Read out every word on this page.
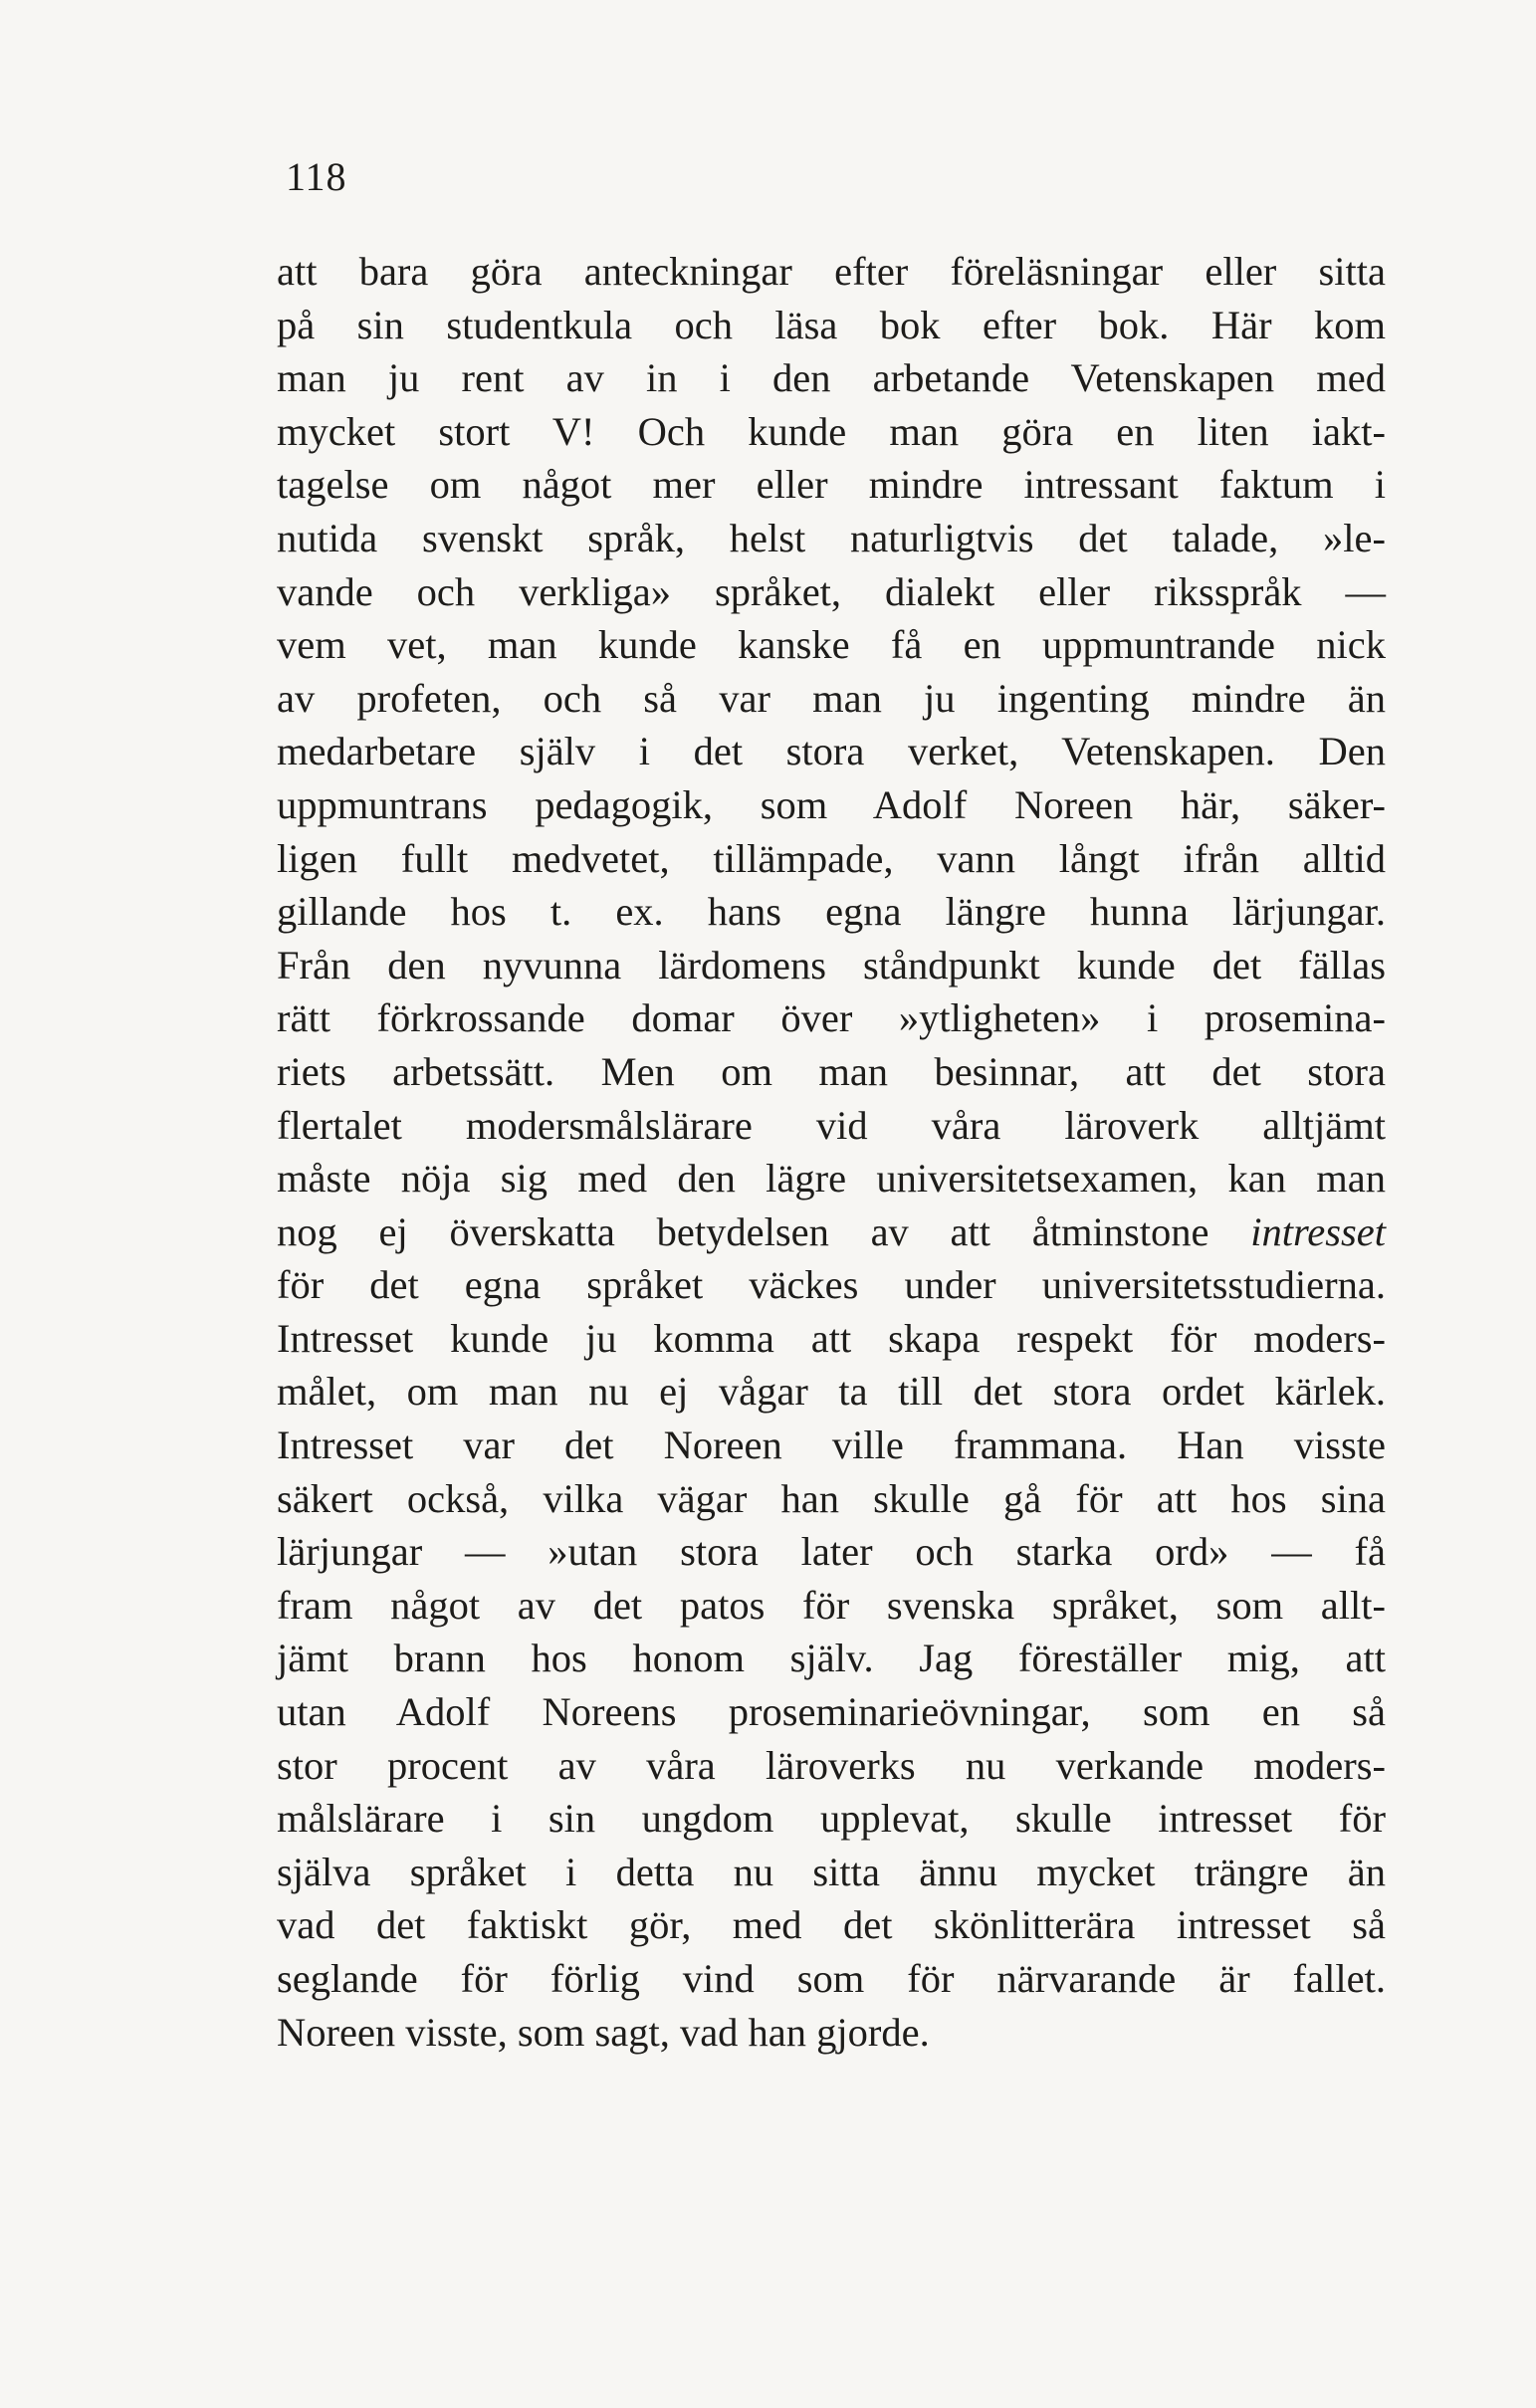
118
att bara göra anteckningar efter föreläsningar eller sitta
på sin studentkula och läsa bok efter bok. Här kom
man ju rent av in i den arbetande Vetenskapen med
mycket stort V! Och kunde man göra en liten iakt-
tagelse om något mer eller mindre intressant faktum i
nutida svenskt språk, helst naturligtvis det talade, »le-
vande och verkliga» språket, dialekt eller riksspråk —
vem vet, man kunde kanske få en uppmuntrande nick
av profeten, och så var man ju ingenting mindre än
medarbetare själv i det stora verket, Vetenskapen. Den
uppmuntrans pedagogik, som Adolf Noreen här, säker-
ligen fullt medvetet, tillämpade, vann långt ifrån alltid
gillande hos t. ex. hans egna längre hunna lärjungar.
Från den nyvunna lärdomens ståndpunkt kunde det fällas
rätt förkrossande domar över »ytligheten» i prosemina-
riets arbetssätt. Men om man besinnar, att det stora
flertalet modersmålslärare vid våra läroverk alltjämt
måste nöja sig med den lägre universitetsexamen, kan man
nog ej överskatta betydelsen av att åtminstone intresset
för det egna språket väckes under universitetsstudierna.
Intresset kunde ju komma att skapa respekt för moders-
målet, om man nu ej vågar ta till det stora ordet kärlek.
Intresset var det Noreen ville frammana. Han visste
säkert också, vilka vägar han skulle gå för att hos sina
lärjungar — »utan stora later och starka ord» — få
fram något av det patos för svenska språket, som allt-
jämt brann hos honom själv. Jag föreställer mig, att
utan Adolf Noreens proseminarieövningar, som en så
stor procent av våra läroverks nu verkande moders-
målslärare i sin ungdom upplevat, skulle intresset för
själva språket i detta nu sitta ännu mycket trängre än
vad det faktiskt gör, med det skönlitterära intresset så
seglande för förlig vind som för närvarande är fallet.
Noreen visste, som sagt, vad han gjorde.
